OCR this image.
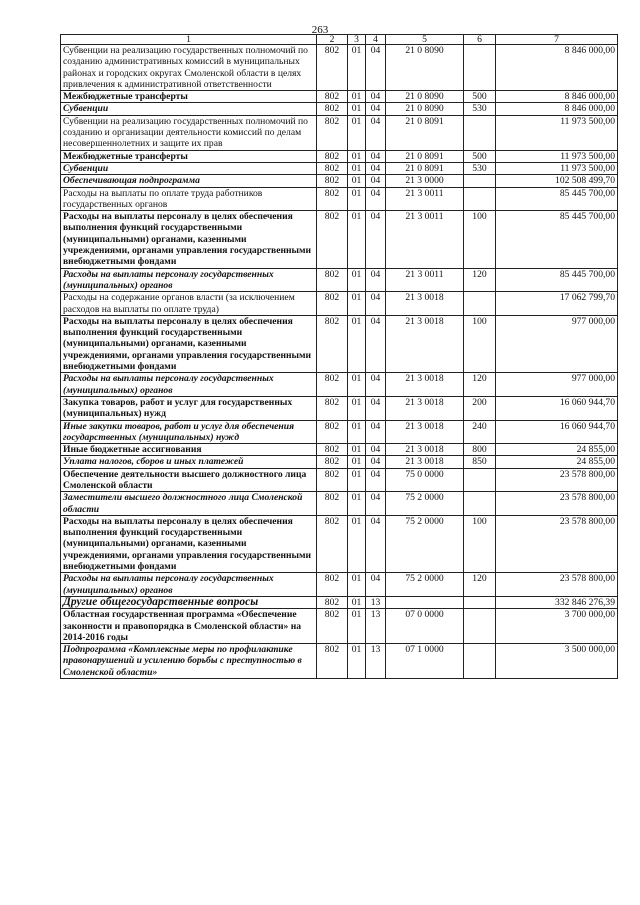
263
1	2	3	4	5	6	7
Субвенции на реализацию государственных полномочий по созданию административных комиссий в муниципальных районах и городских округах Смоленской области в целях привлечения к административной ответственности	802	01	04	21 0 8090		8 846 000,00
Межбюджетные трансферты	802	01	04	21 0 8090	500	8 846 000,00
Субвенции	802	01	04	21 0 8090	530	8 846 000,00
Субвенции на реализацию государственных полномочий по созданию и организации деятельности комиссий по делам несовершеннолетних и защите их прав	802	01	04	21 0 8091		11 973 500,00
Межбюджетные трансферты	802	01	04	21 0 8091	500	11 973 500,00
Субвенции	802	01	04	21 0 8091	530	11 973 500,00
Обеспечивающая подпрограмма	802	01	04	21 3 0000		102 508 499,70
Расходы на выплаты по оплате труда работников государственных органов	802	01	04	21 3 0011		85 445 700,00
Расходы на выплаты персоналу в целях обеспечения выполнения функций государственными (муниципальными) органами, казенными учреждениями, органами управления государственными внебюджетными фондами	802	01	04	21 3 0011	100	85 445 700,00
Расходы на выплаты персоналу государственных (муниципальных) органов	802	01	04	21 3 0011	120	85 445 700,00
Расходы на содержание органов власти (за исключением расходов на выплаты по оплате труда)	802	01	04	21 3 0018		17 062 799,70
Расходы на выплаты персоналу в целях обеспечения выполнения функций государственными (муниципальными) органами, казенными учреждениями, органами управления государственными внебюджетными фондами	802	01	04	21 3 0018	100	977 000,00
Расходы на выплаты персоналу государственных (муниципальных) органов	802	01	04	21 3 0018	120	977 000,00
Закупка товаров, работ и услуг для государственных (муниципальных) нужд	802	01	04	21 3 0018	200	16 060 944,70
Иные закупки товаров, работ и услуг для обеспечения государственных (муниципальных) нужд	802	01	04	21 3 0018	240	16 060 944,70
Иные бюджетные ассигнования	802	01	04	21 3 0018	800	24 855,00
Уплата налогов, сборов и иных платежей	802	01	04	21 3 0018	850	24 855,00
Обеспечение деятельности высшего должностного лица Смоленской области	802	01	04	75 0 0000		23 578 800,00
Заместители высшего должностного лица Смоленской области	802	01	04	75 2 0000		23 578 800,00
Расходы на выплаты персоналу в целях обеспечения выполнения функций государственными (муниципальными) органами, казенными учреждениями, органами управления государственными внебюджетными фондами	802	01	04	75 2 0000	100	23 578 800,00
Расходы на выплаты персоналу государственных (муниципальных) органов	802	01	04	75 2 0000	120	23 578 800,00
Другие общегосударственные вопросы	802	01	13			332 846 276,39
Областная государственная программа «Обеспечение законности и правопорядка в Смоленской области» на 2014-2016 годы	802	01	13	07 0 0000		3 700 000,00
Подпрограмма «Комплексные меры по профилактике правонарушений и усилению борьбы с преступностью в Смоленской области»	802	01	13	07 1 0000		3 500 000,00
